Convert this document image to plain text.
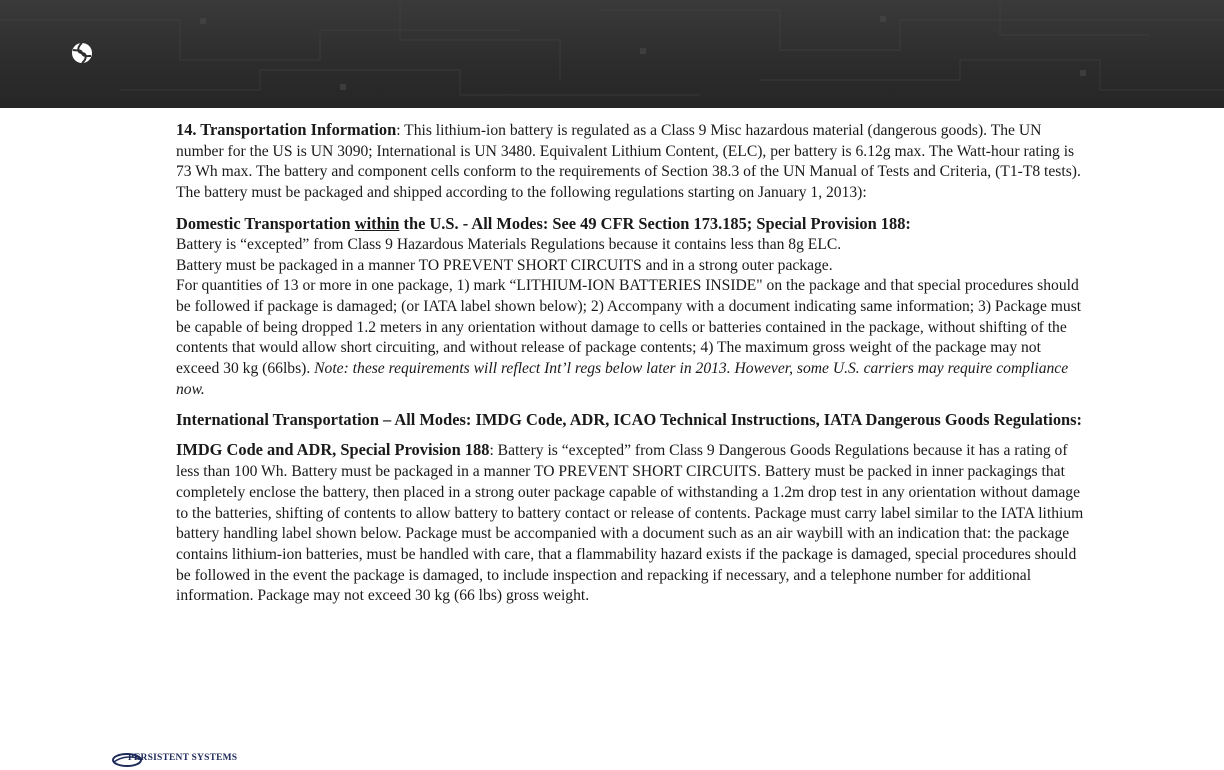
14. Transportation Information: This lithium-ion battery is regulated as a Class 9 Misc hazardous material (dangerous goods). The UN number for the US is UN 3090; International is UN 3480. Equivalent Lithium Content, (ELC), per battery is 6.12g max. The Watt-hour rating is 73 Wh max. The battery and component cells conform to the requirements of Section 38.3 of the UN Manual of Tests and Criteria, (T1-T8 tests). The battery must be packaged and shipped according to the following regulations starting on January 1, 2013):

Domestic Transportation within the U.S. - All Modes: See 49 CFR Section 173.185; Special Provision 188:

Battery is “excepted” from Class 9 Hazardous Materials Regulations because it contains less than 8g ELC.

Battery must be packaged in a manner TO PREVENT SHORT CIRCUITS and in a strong outer package.

For quantities of 13 or more in one package, 1) mark “LITHIUM-ION BATTERIES INSIDE" on the package and that special procedures should be followed if package is damaged; (or IATA label shown below); 2) Accompany with a document indicating same information; 3) Package must be capable of being dropped 1.2 meters in any orientation without damage to cells or batteries contained in the package, without shifting of the contents that would allow short circuiting, and without release of package contents; 4) The maximum gross weight of the package may not exceed 30 kg (66lbs). Note: these requirements will reflect Int’l regs below later in 2013. However, some U.S. carriers may require compliance now.

International Transportation – All Modes: IMDG Code, ADR, ICAO Technical Instructions, IATA Dangerous Goods Regulations:

IMDG Code and ADR, Special Provision 188: Battery is “excepted” from Class 9 Dangerous Goods Regulations because it has a rating of less than 100 Wh. Battery must be packaged in a manner TO PREVENT SHORT CIRCUITS. Battery must be packed in inner packagings that completely enclose the battery, then placed in a strong outer package capable of withstanding a 1.2m drop test in any orientation without damage to the batteries, shifting of contents to allow battery to battery contact or release of contents. Package must carry label similar to the IATA lithium battery handling label shown below. Package must be accompanied with a document such as an air waybill with an indication that: the package contains lithium-ion batteries, must be handled with care, that a flammability hazard exists if the package is damaged, special procedures should be followed in the event the package is damaged, to include inspection and repacking if necessary, and a telephone number for additional information. Package may not exceed 30 kg (66 lbs) gross weight.

PERSISTENT SYSTEMS
